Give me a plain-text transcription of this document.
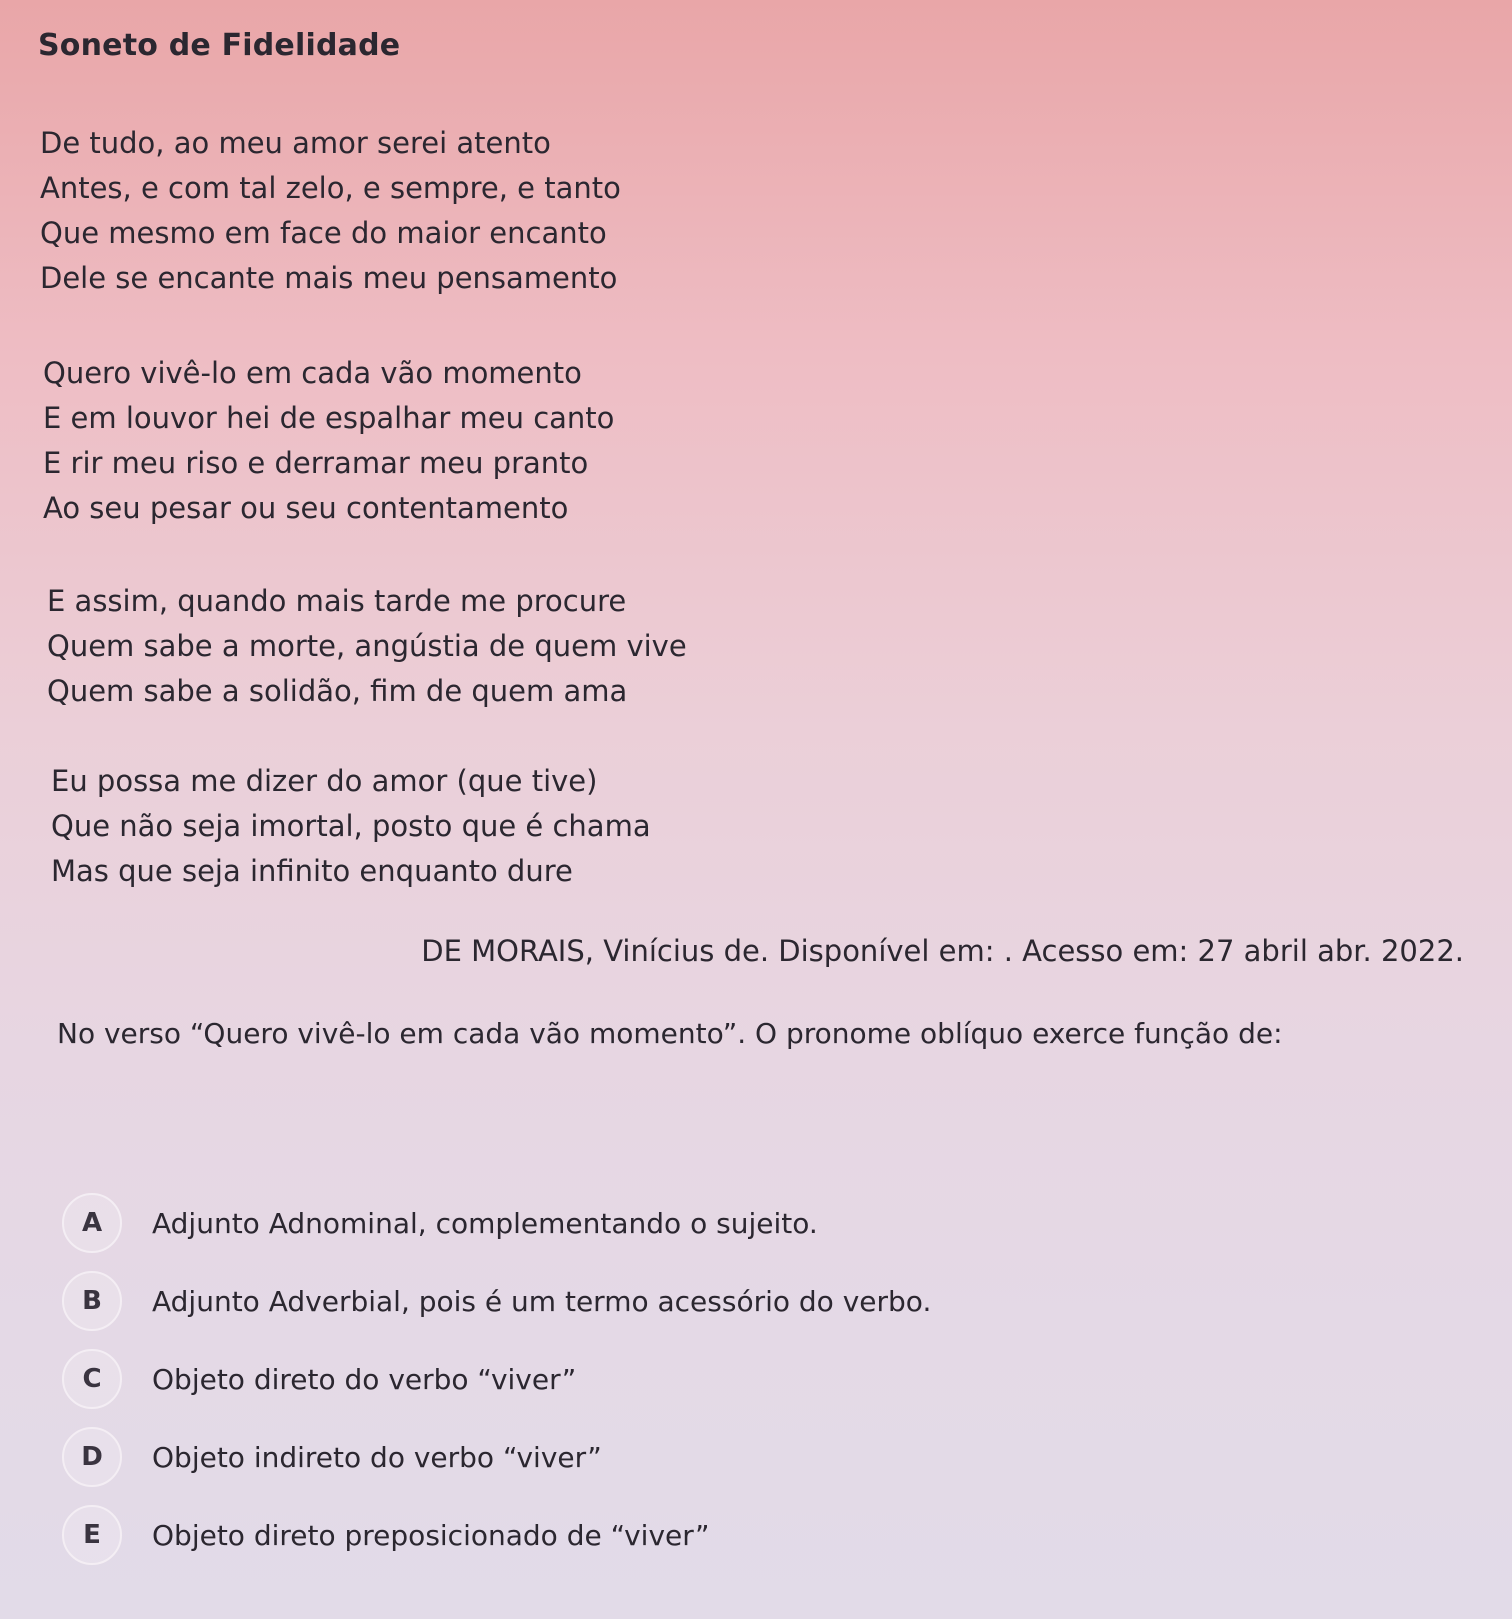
Soneto de Fidelidade
De tudo, ao meu amor serei atento
Antes, e com tal zelo, e sempre, e tanto
Que mesmo em face do maior encanto
Dele se encante mais meu pensamento
Quero vivê-lo em cada vão momento
E em louvor hei de espalhar meu canto
E rir meu riso e derramar meu pranto
Ao seu pesar ou seu contentamento
E assim, quando mais tarde me procure
Quem sabe a morte, angústia de quem vive
Quem sabe a solidão, fim de quem ama
Eu possa me dizer do amor (que tive)
Que não seja imortal, posto que é chama
Mas que seja infinito enquanto dure
DE MORAIS, Vinícius de. Disponível em: . Acesso em: 27 abril abr. 2022.
No verso “Quero vivê-lo em cada vão momento”. O pronome oblíquo exerce função de:
A	Adjunto Adnominal, complementando o sujeito.
B	Adjunto Adverbial, pois é um termo acessório do verbo.
C	Objeto direto do verbo “viver”
D	Objeto indireto do verbo “viver”
E	Objeto direto preposicionado de “viver”
